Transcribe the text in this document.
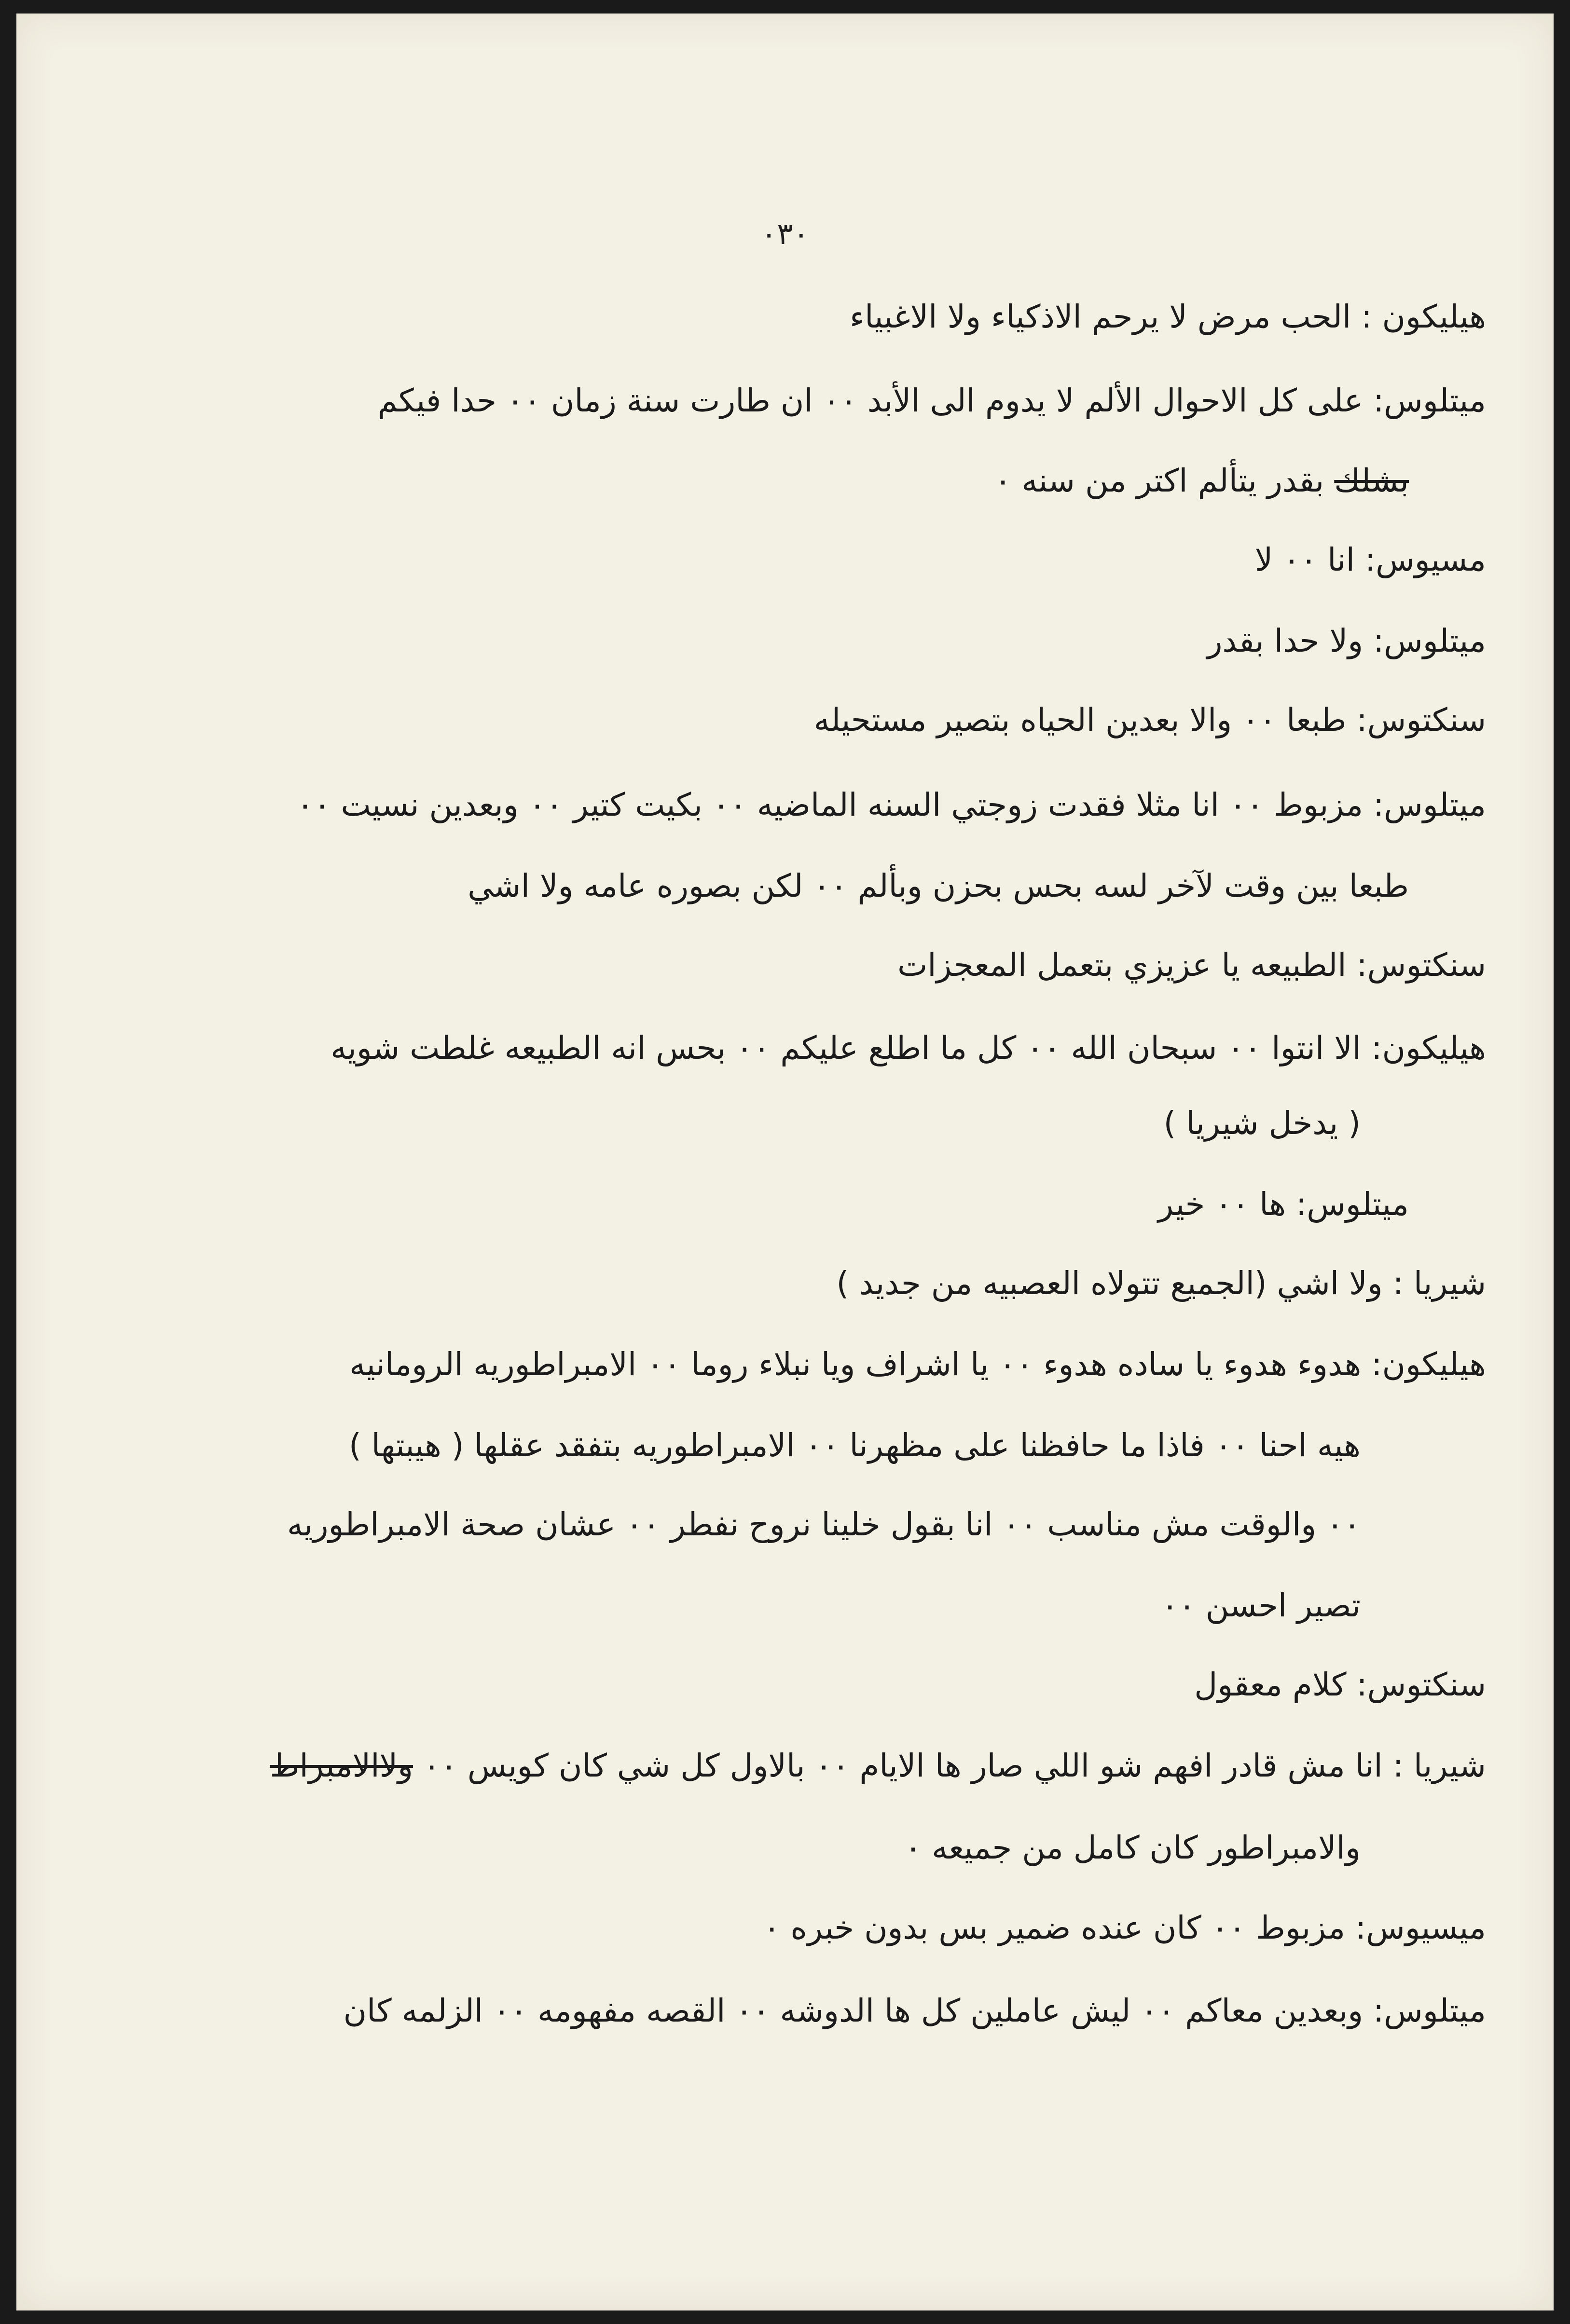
٠٣٠
هيليكون : الحب مرض لا يرحم الاذكياء ولا الاغبياء
ميتلوس: على كل الاحوال الألم لا يدوم الى الأبد ٠٠ ان طارت سنة زمان ٠٠ حدا فيكم
بشلك بقدر يتألم اكتر من سنه ٠
مسيوس: انا ٠٠ لا
ميتلوس: ولا حدا بقدر
سنكتوس: طبعا ٠٠ والا بعدين الحياه بتصير مستحيله
ميتلوس: مزبوط ٠٠ انا مثلا فقدت زوجتي السنه الماضيه ٠٠ بكيت كتير ٠٠ وبعدين نسيت ٠٠
طبعا بين وقت لآخر لسه بحس بحزن وبألم ٠٠ لكن بصوره عامه ولا اشي
سنكتوس: الطبيعه يا عزيزي بتعمل المعجزات
هيليكون: الا انتوا ٠٠ سبحان الله ٠٠ كل ما اطلع عليكم ٠٠ بحس انه الطبيعه غلطت شويه
( يدخل شيريا )
ميتلوس: ها ٠٠ خير
شيريا : ولا اشي (الجميع تتولاه العصبيه من جديد )
هيليكون: هدوء هدوء يا ساده هدوء ٠٠ يا اشراف ويا نبلاء روما ٠٠ الامبراطوريه الرومانيه
هيه احنا ٠٠ فاذا ما حافظنا على مظهرنا ٠٠ الامبراطوريه بتفقد عقلها ( هيبتها )
٠٠ والوقت مش مناسب ٠٠ انا بقول خلينا نروح نفطر ٠٠ عشان صحة الامبراطوريه
تصير احسن ٠٠
سنكتوس: كلام معقول
شيريا : انا مش قادر افهم شو اللي صار ها الايام ٠٠ بالاول كل شي كان كويس ٠٠ ولاالامبراط
والامبراطور كان كامل من جميعه ٠
ميسيوس: مزبوط ٠٠ كان عنده ضمير بس بدون خبره ٠
ميتلوس: وبعدين معاكم ٠٠ ليش عاملين كل ها الدوشه ٠٠ القصه مفهومه ٠٠ الزلمه كان
